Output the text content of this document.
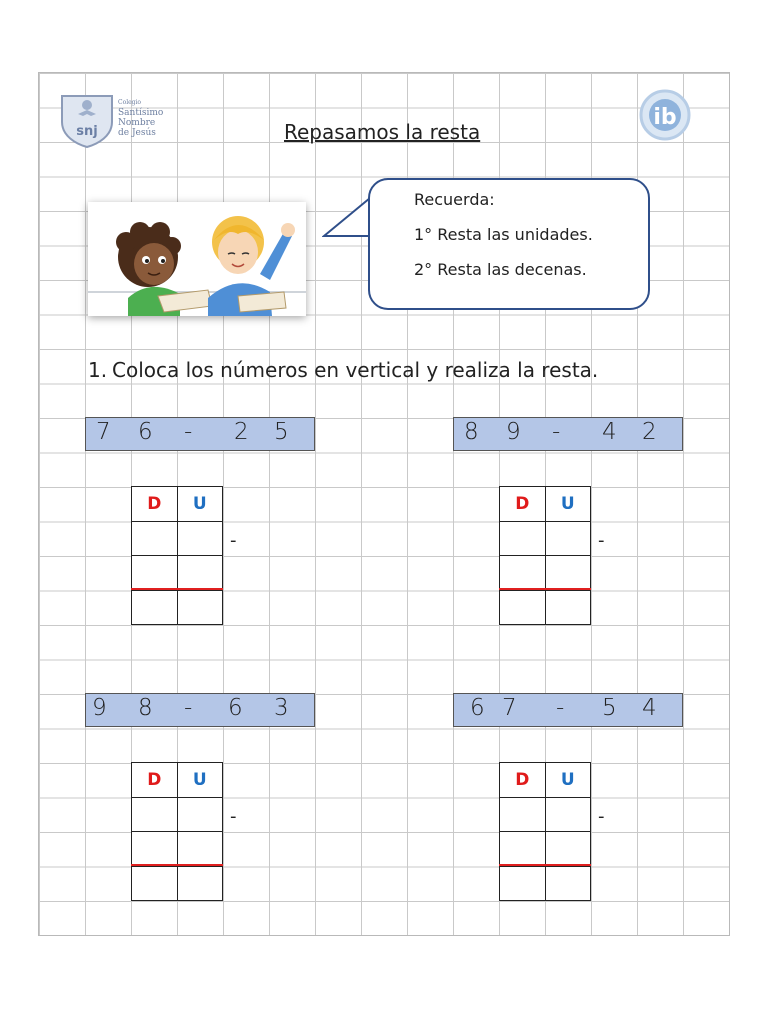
snj
Colegio
Santísimo
Nombre
de Jesús
ib
Repasamos la resta
Recuerda:
1° Resta las unidades.
2° Resta las decenas.
1. Coloca los números en vertical y realiza la resta.
7 6 - 2 5
D	U

-
8 9 - 4 2
D	U

-
9 8 - 6 3
D	U

-
6 7 - 5 4
D	U

-
